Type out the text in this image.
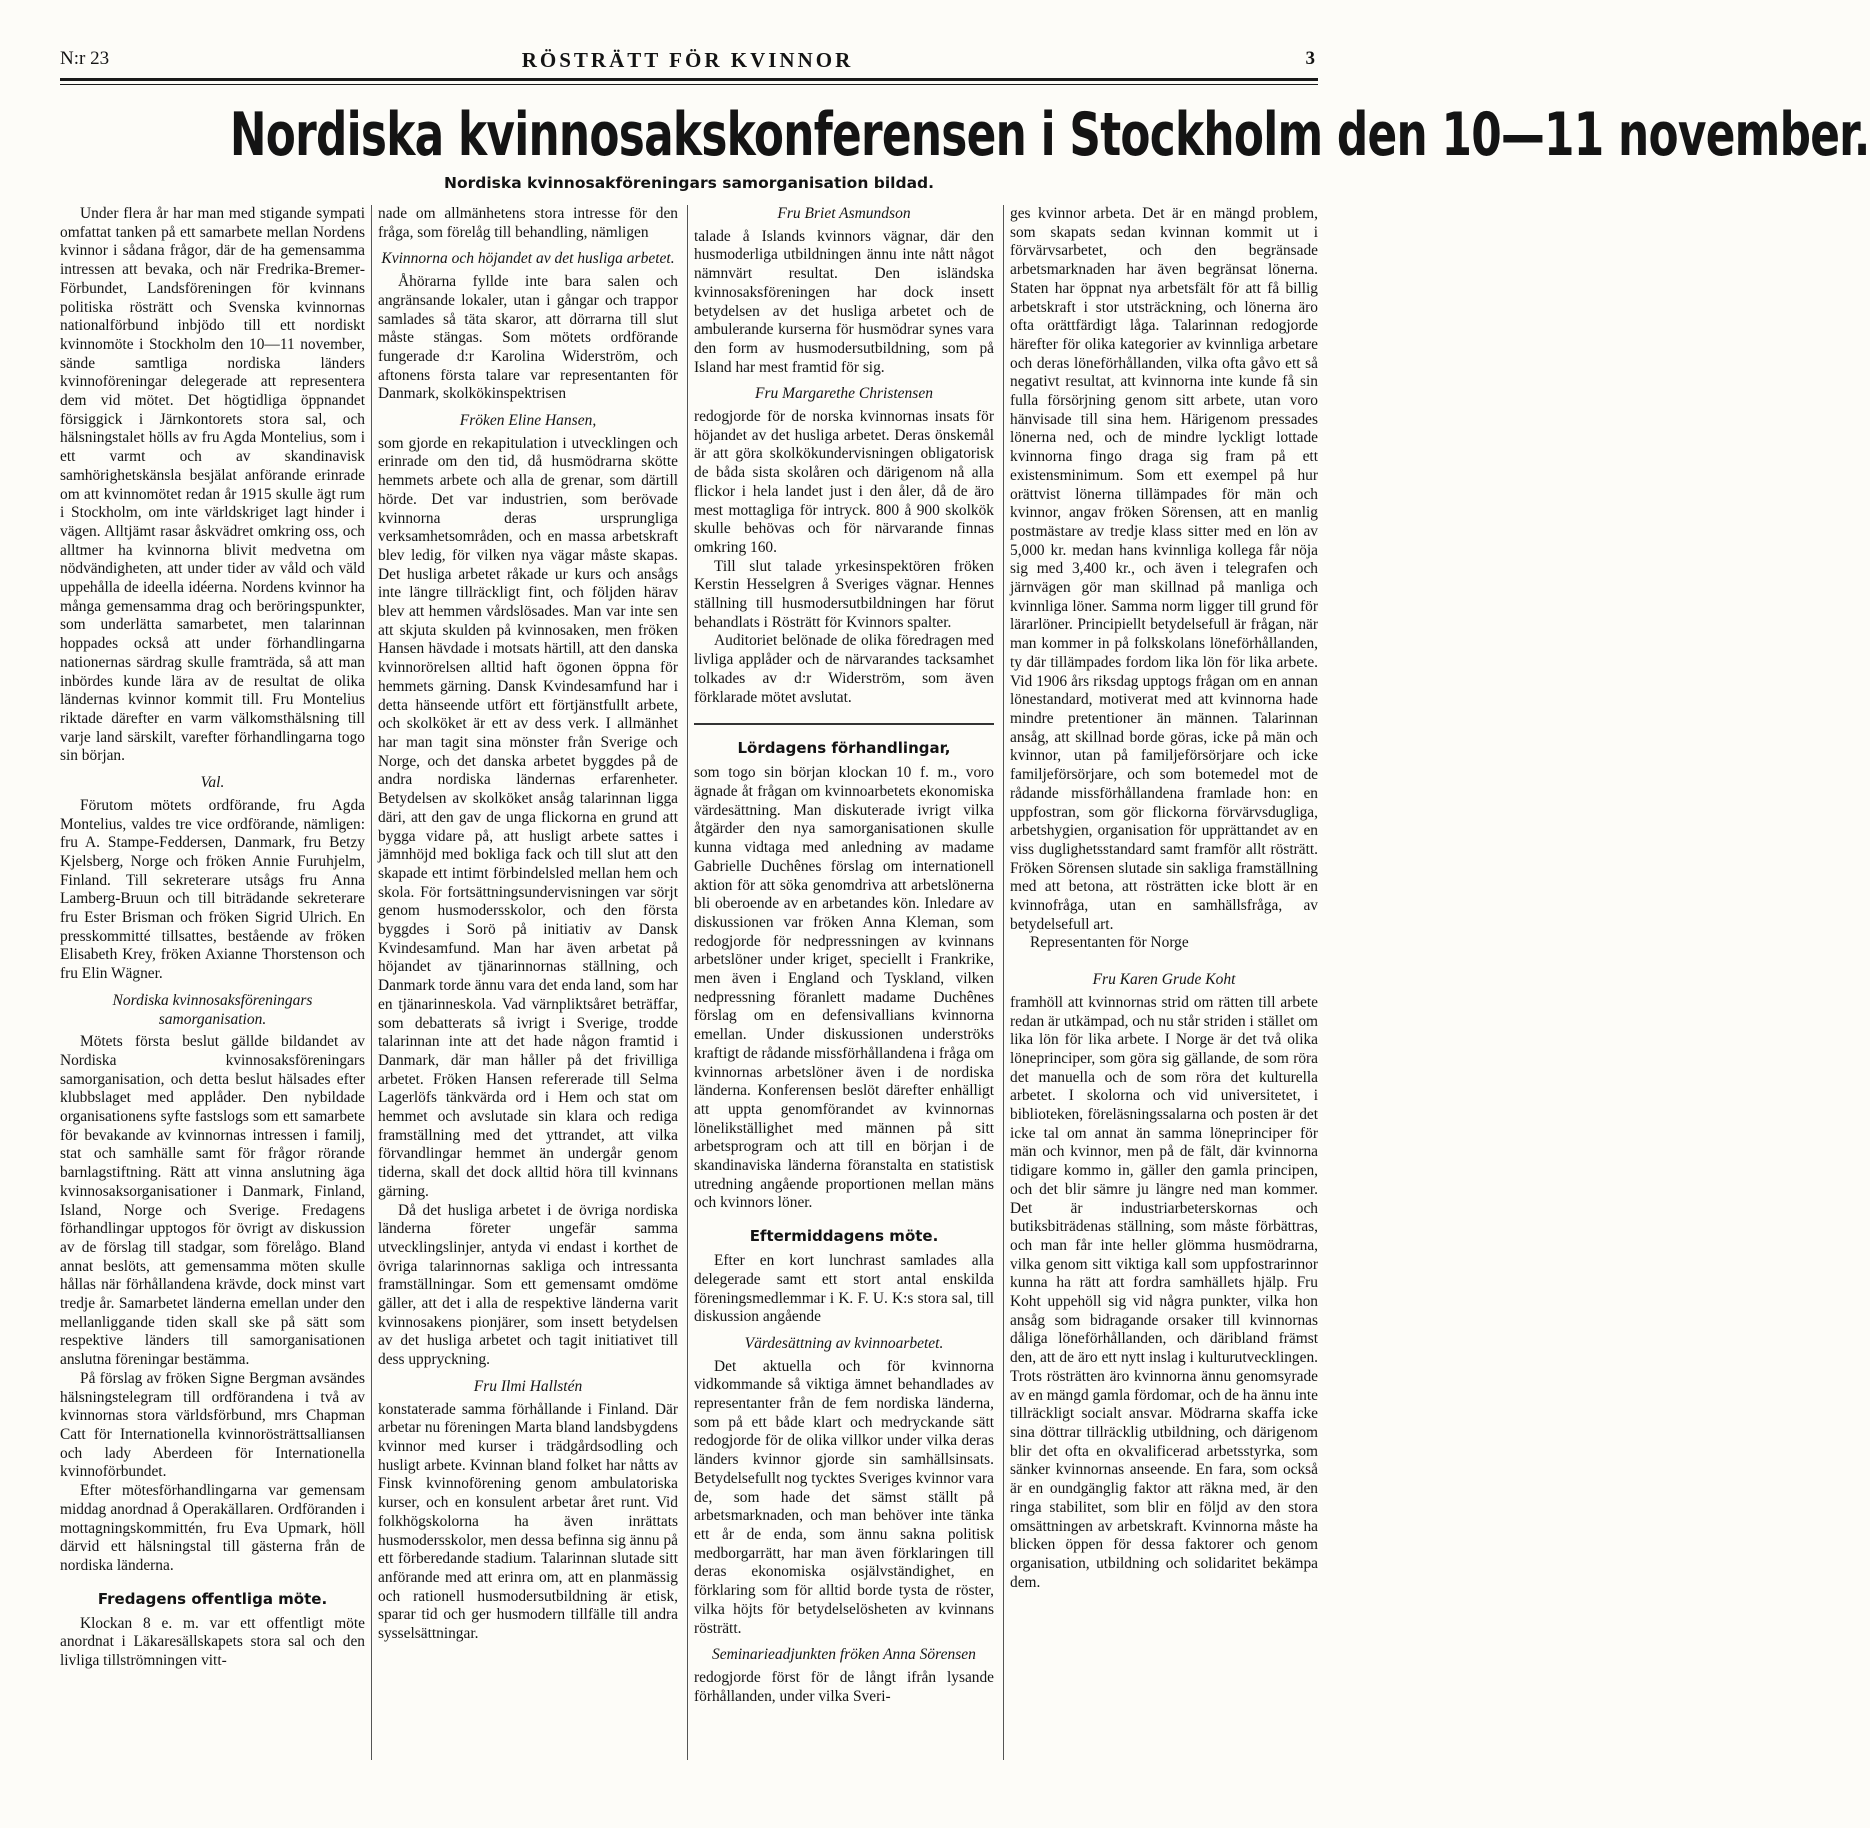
N:r 23	RÖSTRÄTT FÖR KVINNOR	3
Nordiska kvinnosakskonferensen i Stockholm den 10—11 november.
Nordiska kvinnosakföreningars samorganisation bildad.

Under flera år har man med stigande sympati omfattat tanken på ett samarbete mellan Nordens kvinnor i sådana frågor, där de ha gemensamma intressen att bevaka, och när Fredrika-Bremer-Förbundet, Landsföreningen för kvinnans politiska rösträtt och Svenska kvinnornas nationalförbund inbjödo till ett nordiskt kvinnomöte i Stockholm den 10—11 november, sände samtliga nordiska länders kvinnoföreningar delegerade att representera dem vid mötet. Det högtidliga öppnandet försiggick i Järnkontorets stora sal, och hälsningstalet hölls av fru Agda Montelius, som i ett varmt och av skandinavisk samhörighetskänsla besjälat anförande erinrade om att kvinnomötet redan år 1915 skulle ägt rum i Stockholm, om inte världskriget lagt hinder i vägen. Alltjämt rasar åskvädret omkring oss, och alltmer ha kvinnorna blivit medvetna om nödvändigheten, att under tider av våld och väld uppehålla de ideella idéerna. Nordens kvinnor ha många gemensamma drag och beröringspunkter, som underlätta samarbetet, men talarinnan hoppades också att under förhandlingarna nationernas särdrag skulle framträda, så att man inbördes kunde lära av de resultat de olika ländernas kvinnor kommit till. Fru Montelius riktade därefter en varm välkomsthälsning till varje land särskilt, varefter förhandlingarna togo sin början.

Val.

Förutom mötets ordförande, fru Agda Montelius, valdes tre vice ordförande, nämligen: fru A. Stampe-Feddersen, Danmark, fru Betzy Kjelsberg, Norge och fröken Annie Furuhjelm, Finland. Till sekreterare utsågs fru Anna Lamberg-Bruun och till biträdande sekreterare fru Ester Brisman och fröken Sigrid Ulrich. En presskommitté tillsattes, bestående av fröken Elisabeth Krey, fröken Axianne Thorstenson och fru Elin Wägner.

Nordiska kvinnosaksföreningars samorganisation.

Mötets första beslut gällde bildandet av Nordiska kvinnosaksföreningars samorganisation, och detta beslut hälsades efter klubbslaget med applåder. Den nybildade organisationens syfte fastslogs som ett samarbete för bevakande av kvinnornas intressen i familj, stat och samhälle samt för frågor rörande barnlagstiftning. Rätt att vinna anslutning äga kvinnosaksorganisationer i Danmark, Finland, Island, Norge och Sverige. Fredagens förhandlingar upptogos för övrigt av diskussion av de förslag till stadgar, som förelågo. Bland annat beslöts, att gemensamma möten skulle hållas när förhållandena krävde, dock minst vart tredje år. Samarbetet länderna emellan under den mellanliggande tiden skall ske på sätt som respektive länders till samorganisationen anslutna föreningar bestämma.

På förslag av fröken Signe Bergman avsändes hälsningstelegram till ordförandena i två av kvinnornas stora världsförbund, mrs Chapman Catt för Internationella kvinnorösträttsalliansen och lady Aberdeen för Internationella kvinnoförbundet.

Efter mötesförhandlingarna var gemensam middag anordnad å Operakällaren. Ordföranden i mottagningskommittén, fru Eva Upmark, höll därvid ett hälsningstal till gästerna från de nordiska länderna.

Fredagens offentliga möte.

Klockan 8 e. m. var ett offentligt möte anordnat i Läkaresällskapets stora sal och den livliga tillströmningen vitt-

nade om allmänhetens stora intresse för den fråga, som förelåg till behandling, nämligen

Kvinnorna och höjandet av det husliga arbetet.

Åhörarna fyllde inte bara salen och angränsande lokaler, utan i gångar och trappor samlades så täta skaror, att dörrarna till slut måste stängas. Som mötets ordförande fungerade d:r Karolina Widerström, och aftonens första talare var representanten för Danmark, skolkökinspektrisen

Fröken Eline Hansen,

som gjorde en rekapitulation i utvecklingen och erinrade om den tid, då husmödrarna skötte hemmets arbete och alla de grenar, som därtill hörde. Det var industrien, som berövade kvinnorna deras ursprungliga verksamhetsområden, och en massa arbetskraft blev ledig, för vilken nya vägar måste skapas. Det husliga arbetet råkade ur kurs och ansågs inte längre tillräckligt fint, och följden härav blev att hemmen vårdslösades. Man var inte sen att skjuta skulden på kvinnosaken, men fröken Hansen hävdade i motsats härtill, att den danska kvinnorörelsen alltid haft ögonen öppna för hemmets gärning. Dansk Kvindesamfund har i detta hänseende utfört ett förtjänstfullt arbete, och skolköket är ett av dess verk. I allmänhet har man tagit sina mönster från Sverige och Norge, och det danska arbetet byggdes på de andra nordiska ländernas erfarenheter. Betydelsen av skolköket ansåg talarinnan ligga däri, att den gav de unga flickorna en grund att bygga vidare på, att husligt arbete sattes i jämnhöjd med bokliga fack och till slut att den skapade ett intimt förbindelsled mellan hem och skola. För fortsättningsundervisningen var sörjt genom husmodersskolor, och den första byggdes i Sorö på initiativ av Dansk Kvindesamfund. Man har även arbetat på höjandet av tjänarinnornas ställning, och Danmark torde ännu vara det enda land, som har en tjänarinneskola. Vad värnpliktsåret beträffar, som debatterats så ivrigt i Sverige, trodde talarinnan inte att det hade någon framtid i Danmark, där man håller på det frivilliga arbetet. Fröken Hansen refererade till Selma Lagerlöfs tänkvärda ord i Hem och stat om hemmet och avslutade sin klara och rediga framställning med det yttrandet, att vilka förvandlingar hemmet än undergår genom tiderna, skall det dock alltid höra till kvinnans gärning.

Då det husliga arbetet i de övriga nordiska länderna företer ungefär samma utvecklingslinjer, antyda vi endast i korthet de övriga talarinnornas sakliga och intressanta framställningar. Som ett gemensamt omdöme gäller, att det i alla de respektive länderna varit kvinnosakens pionjärer, som insett betydelsen av det husliga arbetet och tagit initiativet till dess uppryckning.

Fru Ilmi Hallstén

konstaterade samma förhållande i Finland. Där arbetar nu föreningen Marta bland landsbygdens kvinnor med kurser i trädgårdsodling och husligt arbete. Kvinnan bland folket har nåtts av Finsk kvinnoförening genom ambulatoriska kurser, och en konsulent arbetar året runt. Vid folkhögskolorna ha även inrättats husmodersskolor, men dessa befinna sig ännu på ett förberedande stadium. Talarinnan slutade sitt anförande med att erinra om, att en planmässig och rationell husmodersutbildning är etisk, sparar tid och ger husmodern tillfälle till andra sysselsättningar.

Fru Briet Asmundson

talade å Islands kvinnors vägnar, där den husmoderliga utbildningen ännu inte nått något nämnvärt resultat. Den isländska kvinnosaksföreningen har dock insett betydelsen av det husliga arbetet och de ambulerande kurserna för husmödrar synes vara den form av husmodersutbildning, som på Island har mest framtid för sig.

Fru Margarethe Christensen

redogjorde för de norska kvinnornas insats för höjandet av det husliga arbetet. Deras önskemål är att göra skolkökundervisningen obligatorisk de båda sista skolåren och därigenom nå alla flickor i hela landet just i den åler, då de äro mest mottagliga för intryck. 800 å 900 skolkök skulle behövas och för närvarande finnas omkring 160.

Till slut talade yrkesinspektören fröken Kerstin Hesselgren å Sveriges vägnar. Hennes ställning till husmodersutbildningen har förut behandlats i Rösträtt för Kvinnors spalter.

Auditoriet belönade de olika föredragen med livliga applåder och de närvarandes tacksamhet tolkades av d:r Widerström, som även förklarade mötet avslutat.

Lördagens förhandlingar,

som togo sin början klockan 10 f. m., voro ägnade åt frågan om kvinnoarbetets ekonomiska värdesättning. Man diskuterade ivrigt vilka åtgärder den nya samorganisationen skulle kunna vidtaga med anledning av madame Gabrielle Duchênes förslag om internationell aktion för att söka genomdriva att arbetslönerna bli oberoende av en arbetandes kön. Inledare av diskussionen var fröken Anna Kleman, som redogjorde för nedpressningen av kvinnans arbetslöner under kriget, speciellt i Frankrike, men även i England och Tyskland, vilken nedpressning föranlett madame Duchênes förslag om en defensivallians kvinnorna emellan. Under diskussionen underströks kraftigt de rådande missförhållandena i fråga om kvinnornas arbetslöner även i de nordiska länderna. Konferensen beslöt därefter enhälligt att uppta genomförandet av kvinnornas lönelikställighet med männen på sitt arbetsprogram och att till en början i de skandinaviska länderna föranstalta en statistisk utredning angående proportionen mellan mäns och kvinnors löner.

Eftermiddagens möte.

Efter en kort lunchrast samlades alla delegerade samt ett stort antal enskilda föreningsmedlemmar i K. F. U. K:s stora sal, till diskussion angående

Värdesättning av kvinnoarbetet.

Det aktuella och för kvinnorna vidkommande så viktiga ämnet behandlades av representanter från de fem nordiska länderna, som på ett både klart och medryckande sätt redogjorde för de olika villkor under vilka deras länders kvinnor gjorde sin samhällsinsats. Betydelsefullt nog tycktes Sveriges kvinnor vara de, som hade det sämst ställt på arbetsmarknaden, och man behöver inte tänka ett år de enda, som ännu sakna politisk medborgarrätt, har man även förklaringen till deras ekonomiska osjälvständighet, en förklaring som för alltid borde tysta de röster, vilka höjts för betydelselösheten av kvinnans rösträtt.

Seminarieadjunkten fröken Anna Sörensen

redogjorde först för de långt ifrån lysande förhållanden, under vilka Sveri-

ges kvinnor arbeta. Det är en mängd problem, som skapats sedan kvinnan kommit ut i förvärvsarbetet, och den begränsade arbetsmarknaden har även begränsat lönerna. Staten har öppnat nya arbetsfält för att få billig arbetskraft i stor utsträckning, och lönerna äro ofta orättfärdigt låga. Talarinnan redogjorde härefter för olika kategorier av kvinnliga arbetare och deras löneförhållanden, vilka ofta gåvo ett så negativt resultat, att kvinnorna inte kunde få sin fulla försörjning genom sitt arbete, utan voro hänvisade till sina hem. Härigenom pressades lönerna ned, och de mindre lyckligt lottade kvinnorna fingo draga sig fram på ett existensminimum. Som ett exempel på hur orättvist lönerna tillämpades för män och kvinnor, angav fröken Sörensen, att en manlig postmästare av tredje klass sitter med en lön av 5,000 kr. medan hans kvinnliga kollega får nöja sig med 3,400 kr., och även i telegrafen och järnvägen gör man skillnad på manliga och kvinnliga löner. Samma norm ligger till grund för lärarlöner. Principiellt betydelsefull är frågan, när man kommer in på folkskolans löneförhållanden, ty där tillämpades fordom lika lön för lika arbete. Vid 1906 års riksdag upptogs frågan om en annan lönestandard, motiverat med att kvinnorna hade mindre pretentioner än männen. Talarinnan ansåg, att skillnad borde göras, icke på män och kvinnor, utan på familjeförsörjare och icke familjeförsörjare, och som botemedel mot de rådande missförhållandena framlade hon: en uppfostran, som gör flickorna förvärvsdugliga, arbetshygien, organisation för upprättandet av en viss duglighetsstandard samt framför allt rösträtt. Fröken Sörensen slutade sin sakliga framställning med att betona, att rösträtten icke blott är en kvinnofråga, utan en samhällsfråga, av betydelsefull art.

Representanten för Norge

Fru Karen Grude Koht

framhöll att kvinnornas strid om rätten till arbete redan är utkämpad, och nu står striden i stället om lika lön för lika arbete. I Norge är det två olika löneprinciper, som göra sig gällande, de som röra det manuella och de som röra det kulturella arbetet. I skolorna och vid universitetet, i biblioteken, föreläsningssalarna och posten är det icke tal om annat än samma löneprinciper för män och kvinnor, men på de fält, där kvinnorna tidigare kommo in, gäller den gamla principen, och det blir sämre ju längre ned man kommer. Det är industriarbeterskornas och butiksbiträdenas ställning, som måste förbättras, och man får inte heller glömma husmödrarna, vilka genom sitt viktiga kall som uppfostrarinnor kunna ha rätt att fordra samhällets hjälp. Fru Koht uppehöll sig vid några punkter, vilka hon ansåg som bidragande orsaker till kvinnornas dåliga löneförhållanden, och däribland främst den, att de äro ett nytt inslag i kulturutvecklingen. Trots rösträtten äro kvinnorna ännu genomsyrade av en mängd gamla fördomar, och de ha ännu inte tillräckligt socialt ansvar. Mödrarna skaffa icke sina döttrar tillräcklig utbildning, och därigenom blir det ofta en okvalificerad arbetsstyrka, som sänker kvinnornas anseende. En fara, som också är en oundgänglig faktor att räkna med, är den ringa stabilitet, som blir en följd av den stora omsättningen av arbetskraft. Kvinnorna måste ha blicken öppen för dessa faktorer och genom organisation, utbildning och solidaritet bekämpa dem.
